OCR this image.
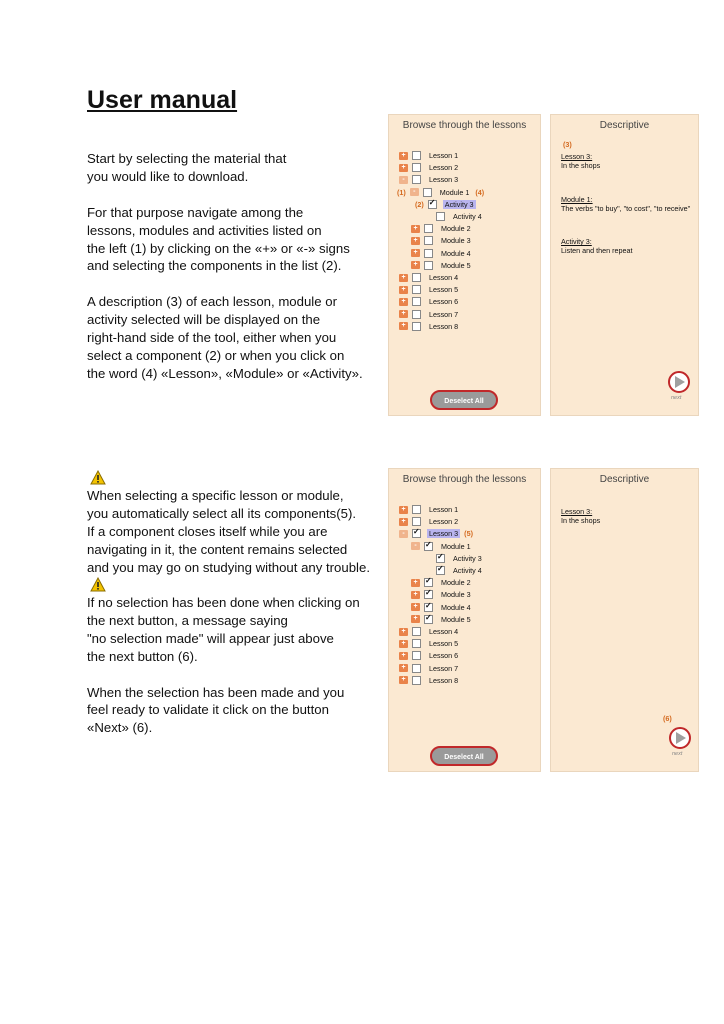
User manual
Start by selecting the material that
you would like to download.

For that purpose navigate among the
lessons, modules and activities listed on
the left (1) by clicking on the «+» or «-» signs
and selecting the components in the list (2).

A description (3) of each lesson, module or
activity selected will be displayed on the
right-hand side of the tool, either when you
select a component (2) or when you click on
the word (4) «Lesson», «Module» or «Activity».
When selecting a specific lesson or module,
you automatically select all its components(5).
If a component closes itself while you are
navigating in it, the content remains selected
and you may go on studying without any trouble.
If no selection has been done when clicking on
the next button, a message saying
"no selection made" will appear just above
the next button (6).

When the selection has been made and you
feel ready to validate it click on the button
«Next» (6).
Browse through the lessons
+	Lesson 1
+	Lesson 2
-	Lesson 3
(1)	-	Module 1 (4)
(2) ✓	Activity 3
Activity 4
+	Module 2
+	Module 3
+	Module 4
+	Module 5
+	Lesson 4
+	Lesson 5
+	Lesson 6
+	Lesson 7
+	Lesson 8
Deselect All
Descriptive
(3)
Lesson 3:
In the shops
Module 1:
The verbs "to buy", "to cost", "to receive"
Activity 3:
Listen and then repeat
next
Browse through the lessons
+	Lesson 1
+	Lesson 2
- ✓	Lesson 3 (5)
- ✓	Module 1
✓
Activity 3
✓
Activity 4
+ ✓	Module 2
+ ✓	Module 3
+ ✓	Module 4
+ ✓	Module 5
+	Lesson 4
+	Lesson 5
+	Lesson 6
+	Lesson 7
+	Lesson 8
Deselect All
Descriptive
Lesson 3:
In the shops
(6)
next
